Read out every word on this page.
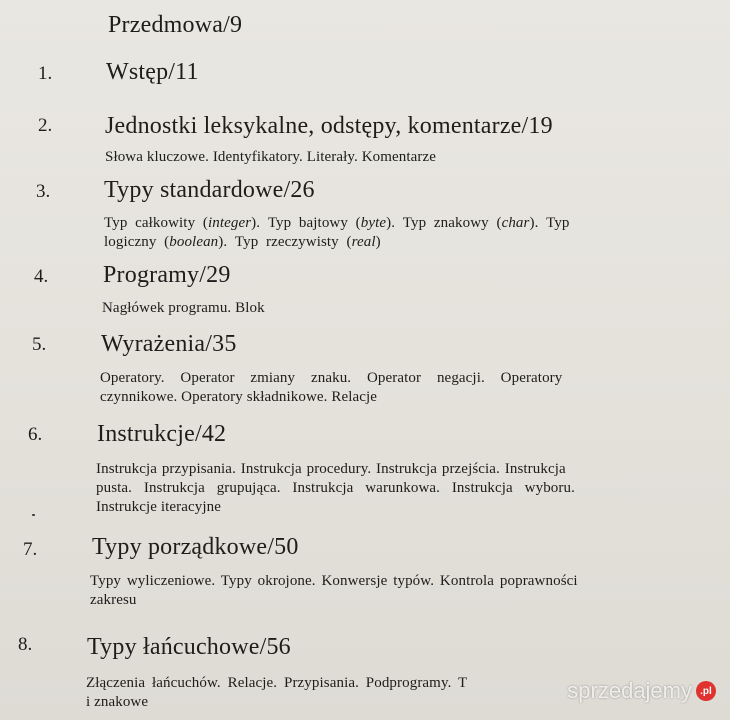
Przedmowa/9
1. Wstęp/11
2. Jednostki leksykalne, odstępy, komentarze/19
Słowa kluczowe. Identyfikatory. Literały. Komentarze
3. Typy standardowe/26
Typ  całkowity  (integer).  Typ  bajtowy  (byte).  Typ  znakowy  (char).  Typ
logiczny  (boolean).  Typ  rzeczywisty  (real)
4. Programy/29
Nagłówek programu. Blok
5. Wyrażenia/35
Operatory. Operator zmiany znaku. Operator negacji. Operatory
czynnikowe. Operatory składnikowe. Relacje
6. Instrukcje/42
Instrukcja przypisania. Instrukcja procedury. Instrukcja przejścia. Instrukcja
pusta. Instrukcja grupująca. Instrukcja warunkowa. Instrukcja wyboru.
Instrukcje iteracyjne
7. Typy porządkowe/50
Typy wyliczeniowe. Typy okrojone. Konwersje typów. Kontrola poprawności
zakresu
8. Typy łańcuchowe/56
Złączenia łańcuchów. Relacje. Przypisania. Podprogramy. T
i znakowe	sprzedajemy .pl
